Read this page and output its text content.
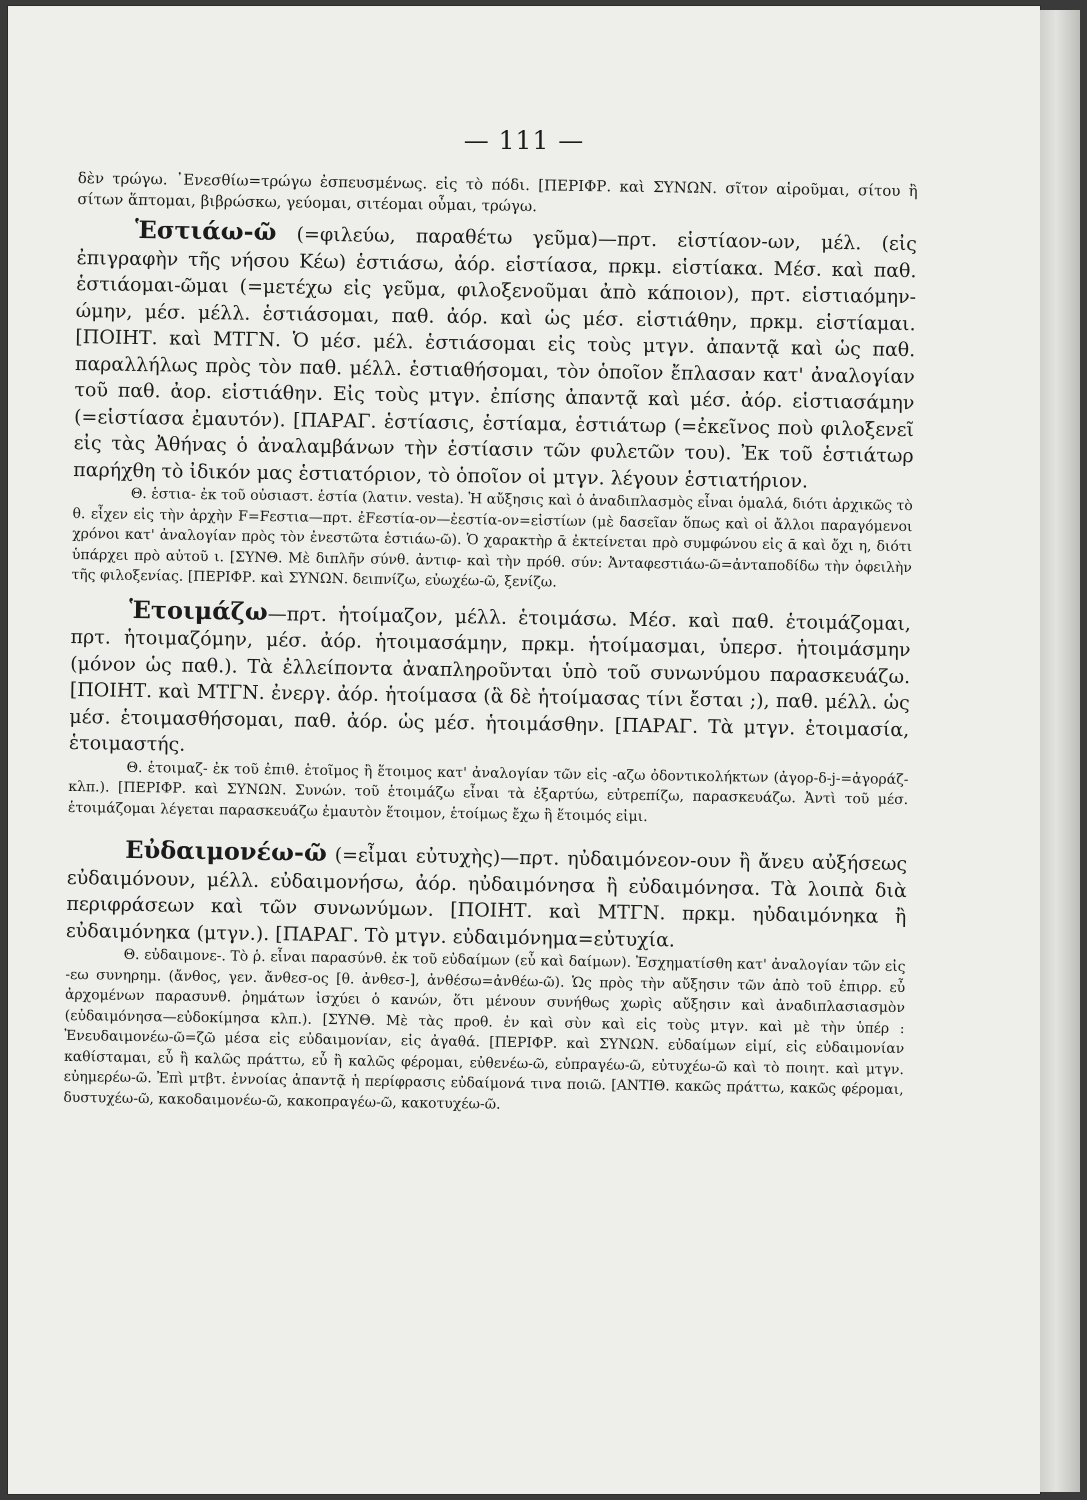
— 111 —

δὲν τρώγω. ᾿Ενεσθίω=τρώγω ἐσπευσμένως. εἰς τὸ πόδι. [ΠΕΡΙΦΡ. καὶ ΣΥΝΩΝ. σῖτον αἱροῦμαι, σίτου ἢ σίτων ἅπτομαι, βιβρώσκω, γεύομαι, σιτέομαι οὖμαι, τρώγω.

Ἑστιάω-ῶ (=φιλεύω, παραθέτω γεῦμα)—πρτ. εἱστίαον-ων, μέλ. (εἰς ἐπιγραφὴν τῆς νήσου Κέω) ἑστιάσω, ἀόρ. εἱστίασα, πρκμ. εἱστίακα. Μέσ. καὶ παθ. ἑστιάομαι-ῶμαι (=μετέχω εἰς γεῦμα, φιλοξενοῦμαι ἀπὸ κάποιον), πρτ. εἱστιαόμην-ώμην, μέσ. μέλλ. ἑστιάσομαι, παθ. ἀόρ. καὶ ὡς μέσ. εἱστιάθην, πρκμ. εἱστίαμαι. [ΠΟΙΗΤ. καὶ ΜΤΓΝ. Ὁ μέσ. μέλ. ἑστιάσομαι εἰς τοὺς μτγν. ἀπαντᾷ καὶ ὡς παθ. παραλλήλως πρὸς τὸν παθ. μέλλ. ἑστιαθήσομαι, τὸν ὁποῖον ἔπλασαν κατ' ἀναλογίαν τοῦ παθ. ἀορ. εἱστιάθην. Εἰς τοὺς μτγν. ἐπίσης ἀπαντᾷ καὶ μέσ. ἀόρ. εἱστιασάμην (=εἱστίασα ἐμαυτόν). [ΠΑΡΑΓ. ἑστίασις, ἑστίαμα, ἑστιάτωρ (=ἐκεῖνος ποὺ φιλοξενεῖ εἰς τὰς Ἀθήνας ὁ ἀναλαμβάνων τὴν ἑστίασιν τῶν φυλετῶν του). Ἐκ τοῦ ἑστιάτωρ παρήχθη τὸ ἰδικόν μας ἑστιατόριον, τὸ ὁποῖον οἱ μτγν. λέγουν ἑστιατήριον.

Θ. ἑστια- ἐκ τοῦ οὐσιαστ. ἑστία (λατιν. vesta). Ἡ αὔξησις καὶ ὁ ἀναδιπλασμὸς εἶναι ὁμαλά, διότι ἀρχικῶς τὸ θ. εἶχεν εἰς τὴν ἀρχὴν F=Fεστια—πρτ. ἐFεστία-ον—ἐεστία-ον=εἱστίων (μὲ δασεῖαν ὅπως καὶ οἱ ἄλλοι παραγόμενοι χρόνοι κατ' ἀναλογίαν πρὸς τὸν ἐνεστῶτα ἑστιάω-ῶ). Ὁ χαρακτὴρ ᾱ ἐκτείνεται πρὸ συμφώνου εἰς ᾱ καὶ ὄχι η, διότι ὑπάρχει πρὸ αὐτοῦ ι. [ΣΥΝΘ. Μὲ διπλῆν σύνθ. ἀντιφ- καὶ τὴν πρόθ. σύν: Ἀνταφεστιάω-ῶ=ἀνταποδίδω τὴν ὀφειλὴν τῆς φιλοξενίας. [ΠΕΡΙΦΡ. καὶ ΣΥΝΩΝ. δειπνίζω, εὐωχέω-ῶ, ξενίζω.

Ἑτοιμάζω—πρτ. ἡτοίμαζον, μέλλ. ἑτοιμάσω. Μέσ. καὶ παθ. ἑτοιμάζομαι, πρτ. ἡτοιμαζόμην, μέσ. ἀόρ. ἡτοιμασάμην, πρκμ. ἡτοίμασμαι, ὑπερσ. ἡτοιμάσμην (μόνον ὡς παθ.). Τὰ ἐλλείποντα ἀναπληροῦνται ὑπὸ τοῦ συνωνύμου παρασκευάζω. [ΠΟΙΗΤ. καὶ ΜΤΓΝ. ἐνεργ. ἀόρ. ἡτοίμασα (ἃ δὲ ἡτοίμασας τίνι ἔσται ;), παθ. μέλλ. ὡς μέσ. ἑτοιμασθήσομαι, παθ. ἀόρ. ὡς μέσ. ἡτοιμάσθην. [ΠΑΡΑΓ. Τὰ μτγν. ἑτοιμασία, ἑτοιμαστής.

Θ. ἑτοιμαζ- ἐκ τοῦ ἐπιθ. ἑτοῖμος ἢ ἕτοιμος κατ' ἀναλογίαν τῶν εἰς -αζω ὀδοντικολήκτων (ἀγορ-δ-j-=ἀγοράζ- κλπ.). [ΠΕΡΙΦΡ. καὶ ΣΥΝΩΝ. Συνών. τοῦ ἑτοιμάζω εἶναι τὰ ἐξαρτύω, εὐτρεπίζω, παρασκευάζω. Ἀντὶ τοῦ μέσ. ἑτοιμάζομαι λέγεται παρασκευάζω ἐμαυτὸν ἕτοιμον, ἑτοίμως ἔχω ἢ ἕτοιμός εἰμι.

Εὐδαιμονέω-ῶ (=εἶμαι εὐτυχὴς)—πρτ. ηὐδαιμόνεον-ουν ἢ ἄνευ αὐξήσεως εὐδαιμόνουν, μέλλ. εὐδαιμονήσω, ἀόρ. ηὐδαιμόνησα ἢ εὐδαιμόνησα. Τὰ λοιπὰ διὰ περιφράσεων καὶ τῶν συνωνύμων. [ΠΟΙΗΤ. καὶ ΜΤΓΝ. πρκμ. ηὐδαιμόνηκα ἢ εὐδαιμόνηκα (μτγν.). [ΠΑΡΑΓ. Τὸ μτγν. εὐδαιμόνημα=εὐτυχία.

Θ. εὐδαιμονε-. Τὸ ῥ. εἶναι παρασύνθ. ἐκ τοῦ εὐδαίμων (εὖ καὶ δαίμων). Ἐσχηματίσθη κατ' ἀναλογίαν τῶν εἰς -εω συνηρημ. (ἄνθος, γεν. ἄνθεσ-ος [θ. ἀνθεσ-], ἀνθέσω=ἀνθέω-ῶ). Ὡς πρὸς τὴν αὔξησιν τῶν ἀπὸ τοῦ ἐπιρρ. εὖ ἀρχομένων παρασυνθ. ῥημάτων ἰσχύει ὁ κανών, ὅτι μένουν συνήθως χωρὶς αὔξησιν καὶ ἀναδιπλασιασμὸν (εὐδαιμόνησα—εὐδοκίμησα κλπ.). [ΣΥΝΘ. Μὲ τὰς προθ. ἐν καὶ σὺν καὶ εἰς τοὺς μτγν. καὶ μὲ τὴν ὑπέρ : Ἐνευδαιμονέω-ῶ=ζῶ μέσα εἰς εὐδαιμονίαν, εἰς ἀγαθά. [ΠΕΡΙΦΡ. καὶ ΣΥΝΩΝ. εὐδαίμων εἰμί, εἰς εὐδαιμονίαν καθίσταμαι, εὖ ἢ καλῶς πράττω, εὖ ἢ καλῶς φέρομαι, εὐθενέω-ῶ, εὐπραγέω-ῶ, εὐτυχέω-ῶ καὶ τὸ ποιητ. καὶ μτγν. εὐημερέω-ῶ. Ἐπὶ μτβτ. ἐννοίας ἀπαντᾷ ἡ περίφρασις εὐδαίμονά τινα ποιῶ. [ΑΝΤΙΘ. κακῶς πράττω, κακῶς φέρομαι, δυστυχέω-ῶ, κακοδαιμονέω-ῶ, κακοπραγέω-ῶ, κακοτυχέω-ῶ.
